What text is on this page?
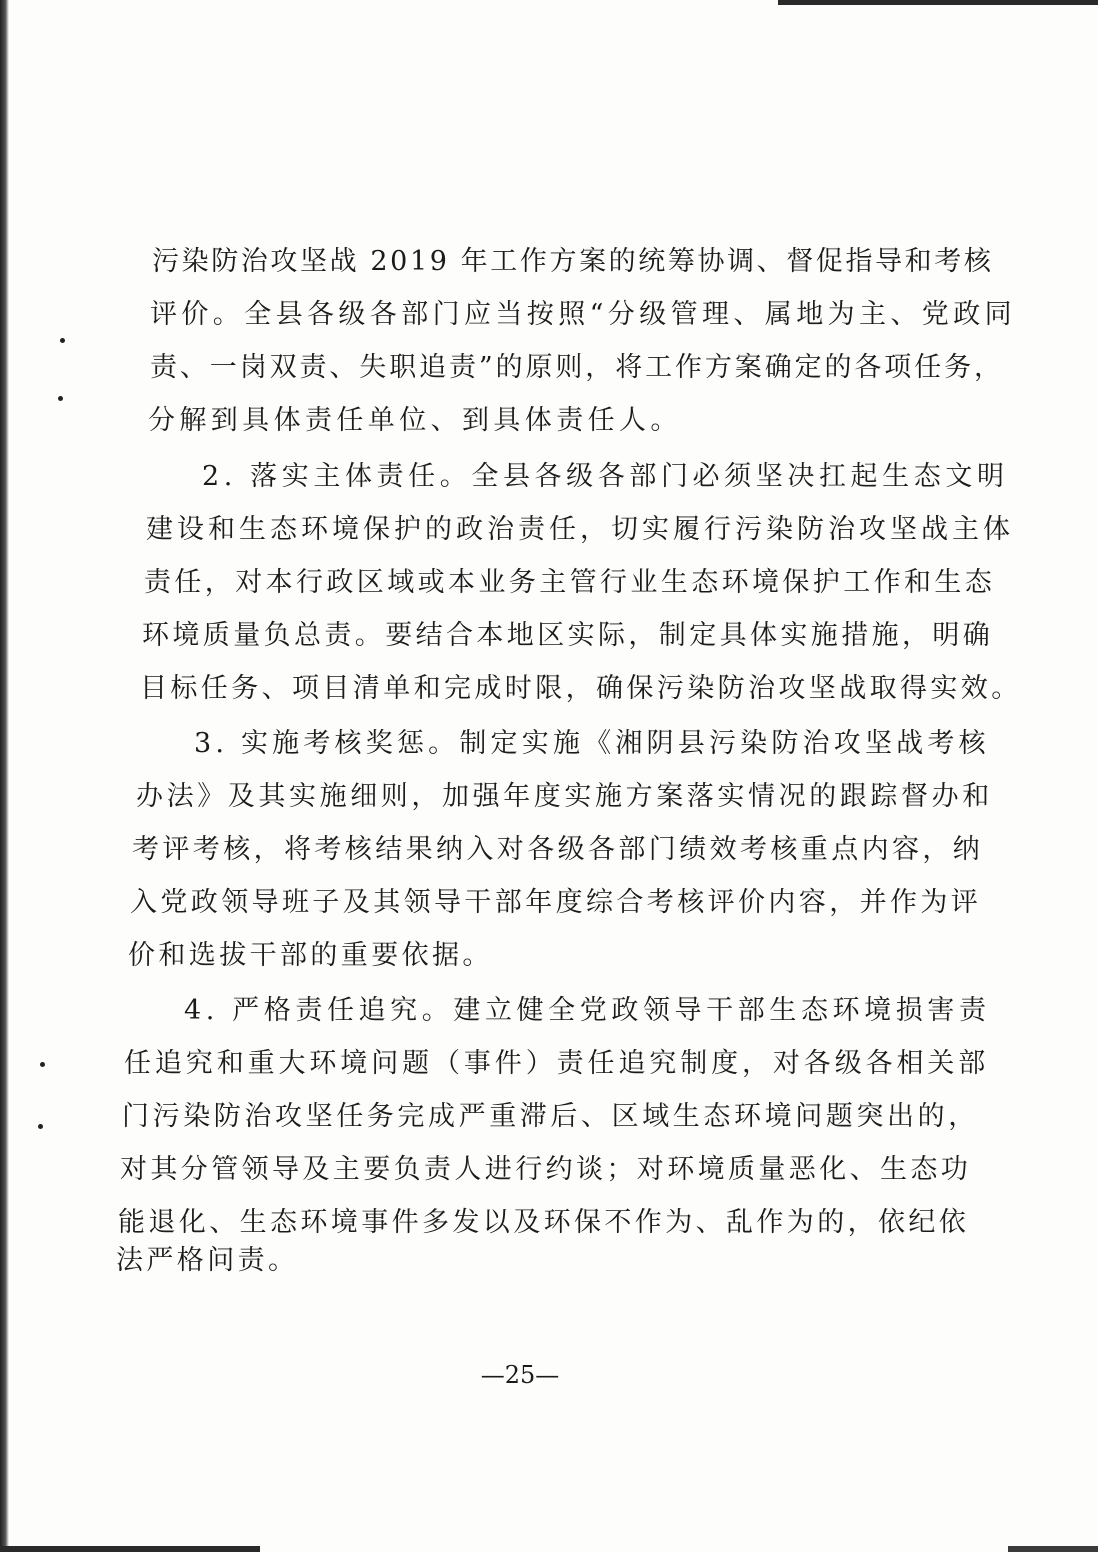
污染防治攻坚战 2019 年工作方案的统筹协调、督促指导和考核
评价。全县各级各部门应当按照“分级管理、属地为主、党政同
责、一岗双责、失职追责”的原则，将工作方案确定的各项任务，
分解到具体责任单位、到具体责任人。
2. 落实主体责任。全县各级各部门必须坚决扛起生态文明
建设和生态环境保护的政治责任，切实履行污染防治攻坚战主体
责任，对本行政区域或本业务主管行业生态环境保护工作和生态
环境质量负总责。要结合本地区实际，制定具体实施措施，明确
目标任务、项目清单和完成时限，确保污染防治攻坚战取得实效。
3. 实施考核奖惩。制定实施《湘阴县污染防治攻坚战考核
办法》及其实施细则，加强年度实施方案落实情况的跟踪督办和
考评考核，将考核结果纳入对各级各部门绩效考核重点内容，纳
入党政领导班子及其领导干部年度综合考核评价内容，并作为评
价和选拔干部的重要依据。
4. 严格责任追究。建立健全党政领导干部生态环境损害责
任追究和重大环境问题（事件）责任追究制度，对各级各相关部
门污染防治攻坚任务完成严重滞后、区域生态环境问题突出的，
对其分管领导及主要负责人进行约谈；对环境质量恶化、生态功
能退化、生态环境事件多发以及环保不作为、乱作为的，依纪依
法严格问责。
—25—
